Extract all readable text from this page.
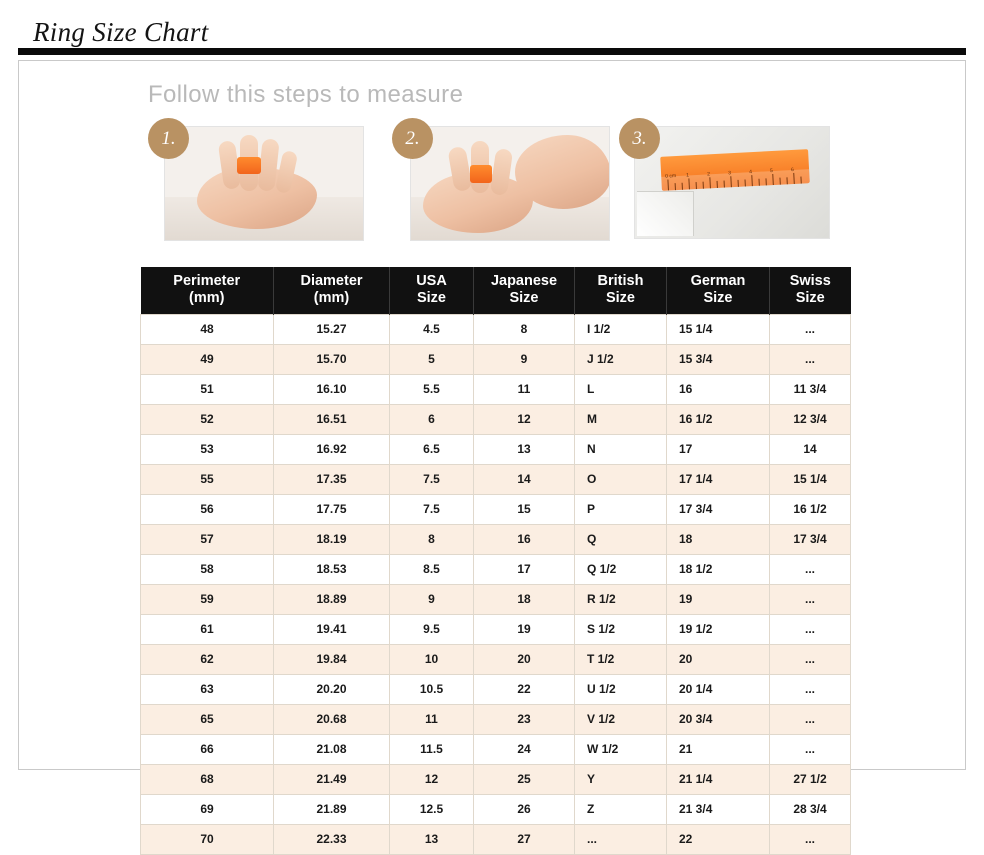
Ring Size Chart
Follow this steps to measure
0 cm 1	2	3	4	5	6
1.	2.	3.
Perimeter
(mm)

Diameter
(mm)

USA
Size

Japanese
Size

British
Size

German
Size

Swiss
Size

48	15.27	4.5	8	I 1/2	15 1/4	...
49	15.70	5	9	J 1/2	15 3/4	...
51	16.10	5.5	11	L	16	11 3/4
52	16.51	6	12	M	16 1/2	12 3/4
53	16.92	6.5	13	N	17	14
55	17.35	7.5	14	O	17 1/4	15 1/4
56	17.75	7.5	15	P	17 3/4	16 1/2
57	18.19	8	16	Q	18	17 3/4
58	18.53	8.5	17	Q 1/2	18 1/2	...
59	18.89	9	18	R 1/2	19	...
61	19.41	9.5	19	S 1/2	19 1/2	...
62	19.84	10	20	T 1/2	20	...
63	20.20	10.5	22	U 1/2	20 1/4	...
65	20.68	11	23	V 1/2	20 3/4	...
66	21.08	11.5	24	W 1/2	21	...
68	21.49	12	25	Y	21 1/4	27 1/2
69	21.89	12.5	26	Z	21 3/4	28 3/4
70	22.33	13	27	...	22	...
